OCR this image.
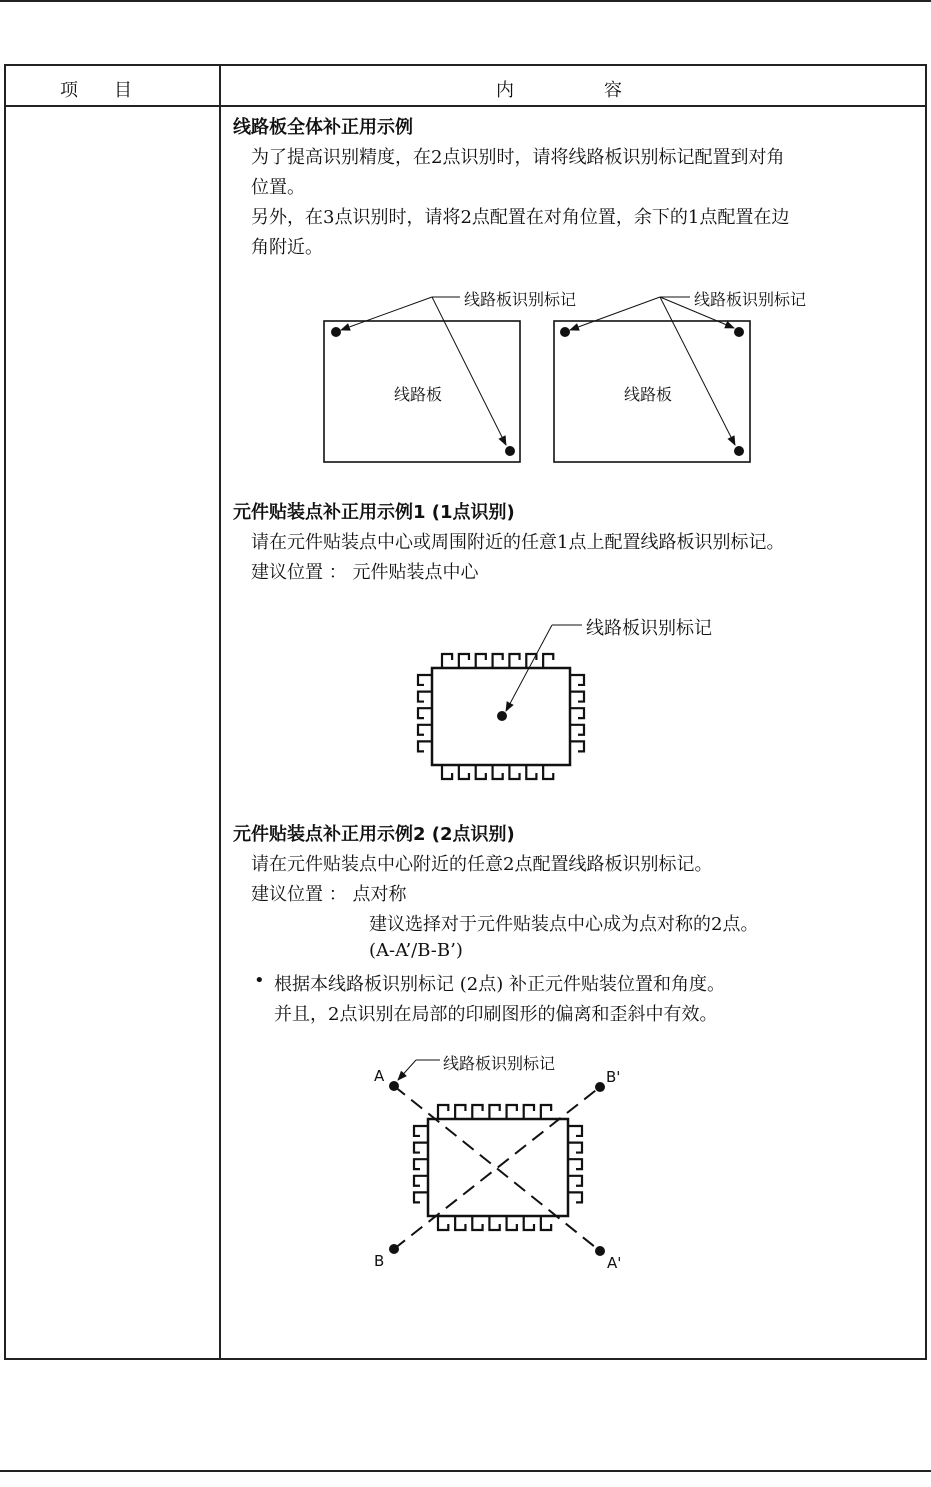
项　　目	内　　　　　容
线路板全体补正用示例
为了提高识别精度，在2点识别时，请将线路板识别标记配置到对角
位置。
另外，在3点识别时，请将2点配置在对角位置，余下的1点配置在边
角附近。
线路板识别标记	线路板识别标记
线路板	线路板
元件贴装点补正用示例1 (1点识别)
请在元件贴装点中心或周围附近的任意1点上配置线路板识别标记。
建议位置 ： 元件贴装点中心
线路板识别标记
元件贴装点补正用示例2 (2点识别)
请在元件贴装点中心附近的任意2点配置线路板识别标记。
建议位置 ： 点对称
建议选择对于元件贴装点中心成为点对称的2点。
(A-A’/B-B’)
• 根据本线路板识别标记 (2点) 补正元件贴装位置和角度。
并且，2点识别在局部的印刷图形的偏离和歪斜中有效。
线路板识别标记
A	B'
B	A'
